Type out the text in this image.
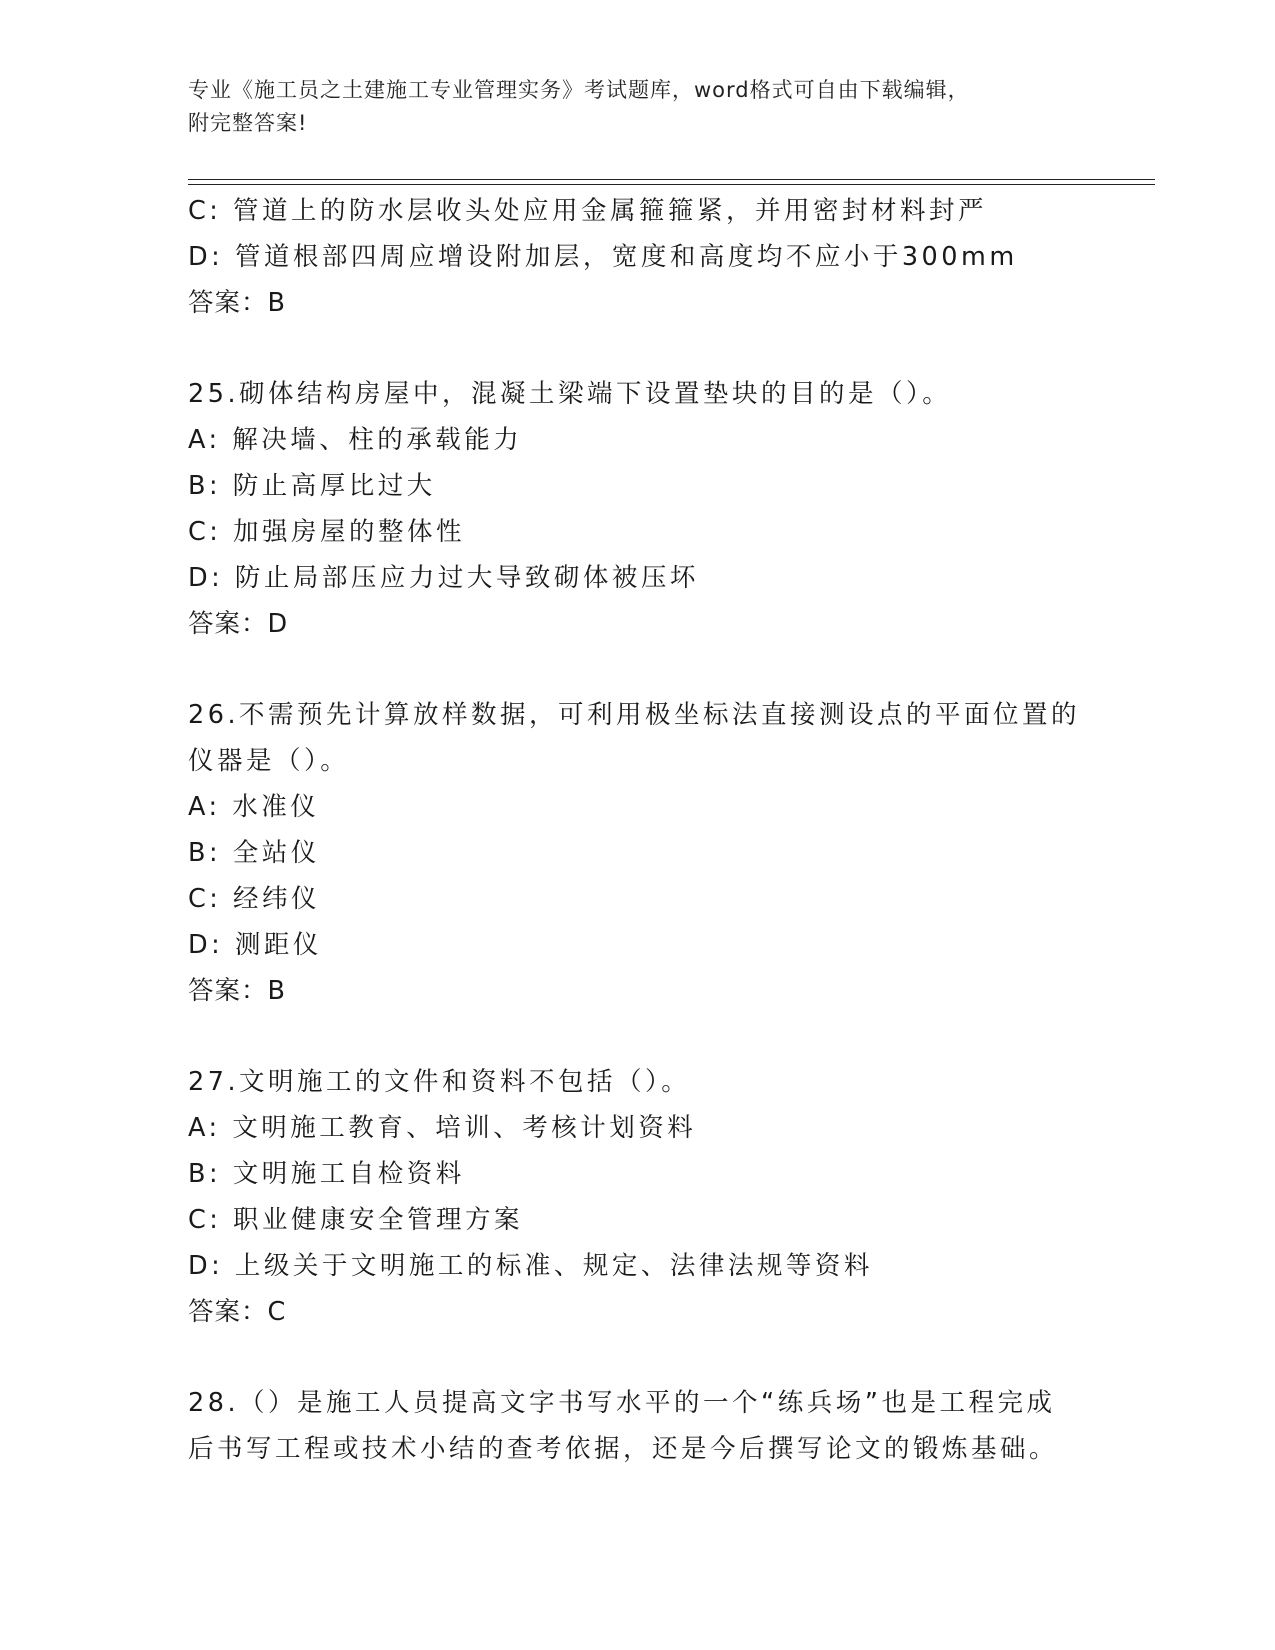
专业《施工员之土建施工专业管理实务》考试题库，word格式可自由下载编辑，
附完整答案!
C: 管道上的防水层收头处应用金属箍箍紧，并用密封材料封严
D: 管道根部四周应增设附加层，宽度和高度均不应小于300mm
答案：B
25.砌体结构房屋中，混凝土梁端下设置垫块的目的是（）。
A: 解决墙、柱的承载能力
B: 防止高厚比过大
C: 加强房屋的整体性
D: 防止局部压应力过大导致砌体被压坏
答案：D
26.不需预先计算放样数据，可利用极坐标法直接测设点的平面位置的
仪器是（）。
A: 水准仪
B: 全站仪
C: 经纬仪
D: 测距仪
答案：B
27.文明施工的文件和资料不包括（）。
A: 文明施工教育、培训、考核计划资料
B: 文明施工自检资料
C: 职业健康安全管理方案
D: 上级关于文明施工的标准、规定、法律法规等资料
答案：C
28.（）是施工人员提高文字书写水平的一个“练兵场”也是工程完成
后书写工程或技术小结的查考依据，还是今后撰写论文的锻炼基础。
